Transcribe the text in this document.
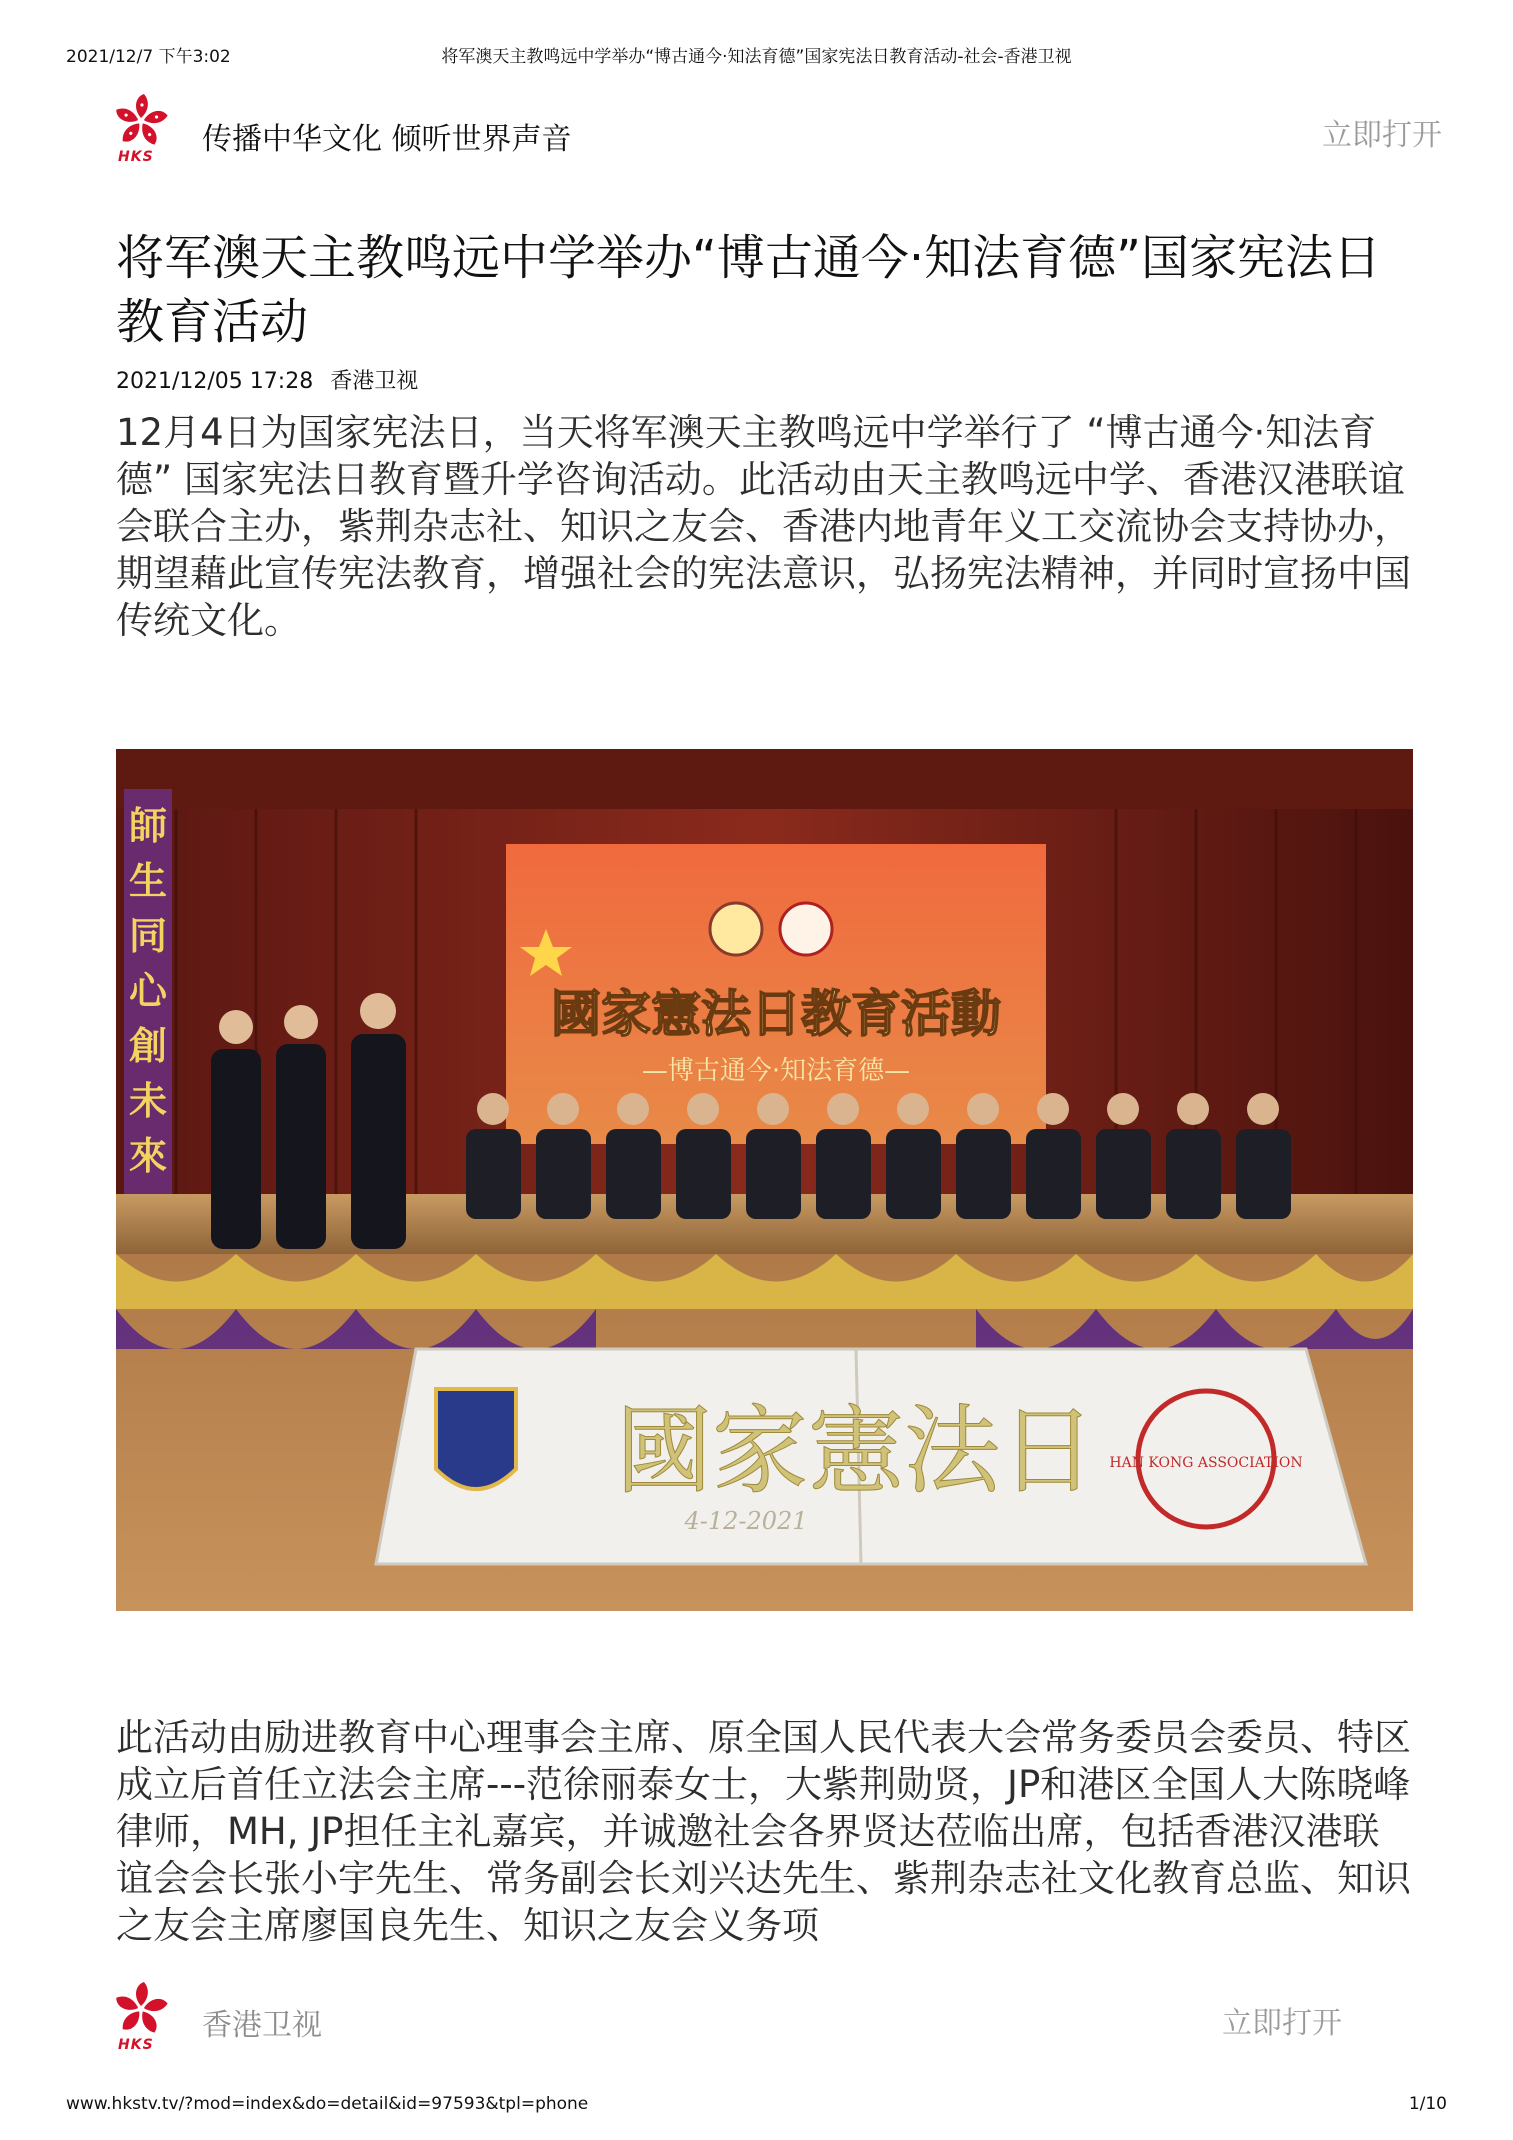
2021/12/7 下午3:02	将军澳天主教鸣远中学举办“博古通今·知法育德”国家宪法日教育活动-社会-香港卫视
HKS 传播中华文化 倾听世界声音	立即打开
将军澳天主教鸣远中学举办“博古通今·知法育德”国家宪法日教育活动
2021/12/05 17:28 香港卫视

12月4日为国家宪法日，当天将军澳天主教鸣远中学举行了 “博古通今·知法育德” 国家宪法日教育暨升学咨询活动。此活动由天主教鸣远中学、香港汉港联谊会联合主办，紫荆杂志社、知识之友会、香港内地青年义工交流协会支持协办，期望藉此宣传宪法教育，增强社会的宪法意识，弘扬宪法精神，并同时宣扬中国传统文化。

國家憲法日教育活動
—博古通今·知法育德—
師
生
同
心
創
未
來
國家憲法日
4-12-2021
HAN KONG ASSOCIATION

此活动由励进教育中心理事会主席、原全国人民代表大会常务委员会委员、特区成立后首任立法会主席---范徐丽泰女士，大紫荆勋贤，JP和港区全国人大陈晓峰律师，MH, JP担任主礼嘉宾，并诚邀社会各界贤达莅临出席，包括香港汉港联谊会会长张小宇先生、常务副会长刘兴达先生、紫荆杂志社文化教育总监、知识之友会主席廖国良先生、知识之友会义务项

HKS
香港卫视	立即打开
www.hkstv.tv/?mod=index&do=detail&id=97593&tpl=phone	1/10
